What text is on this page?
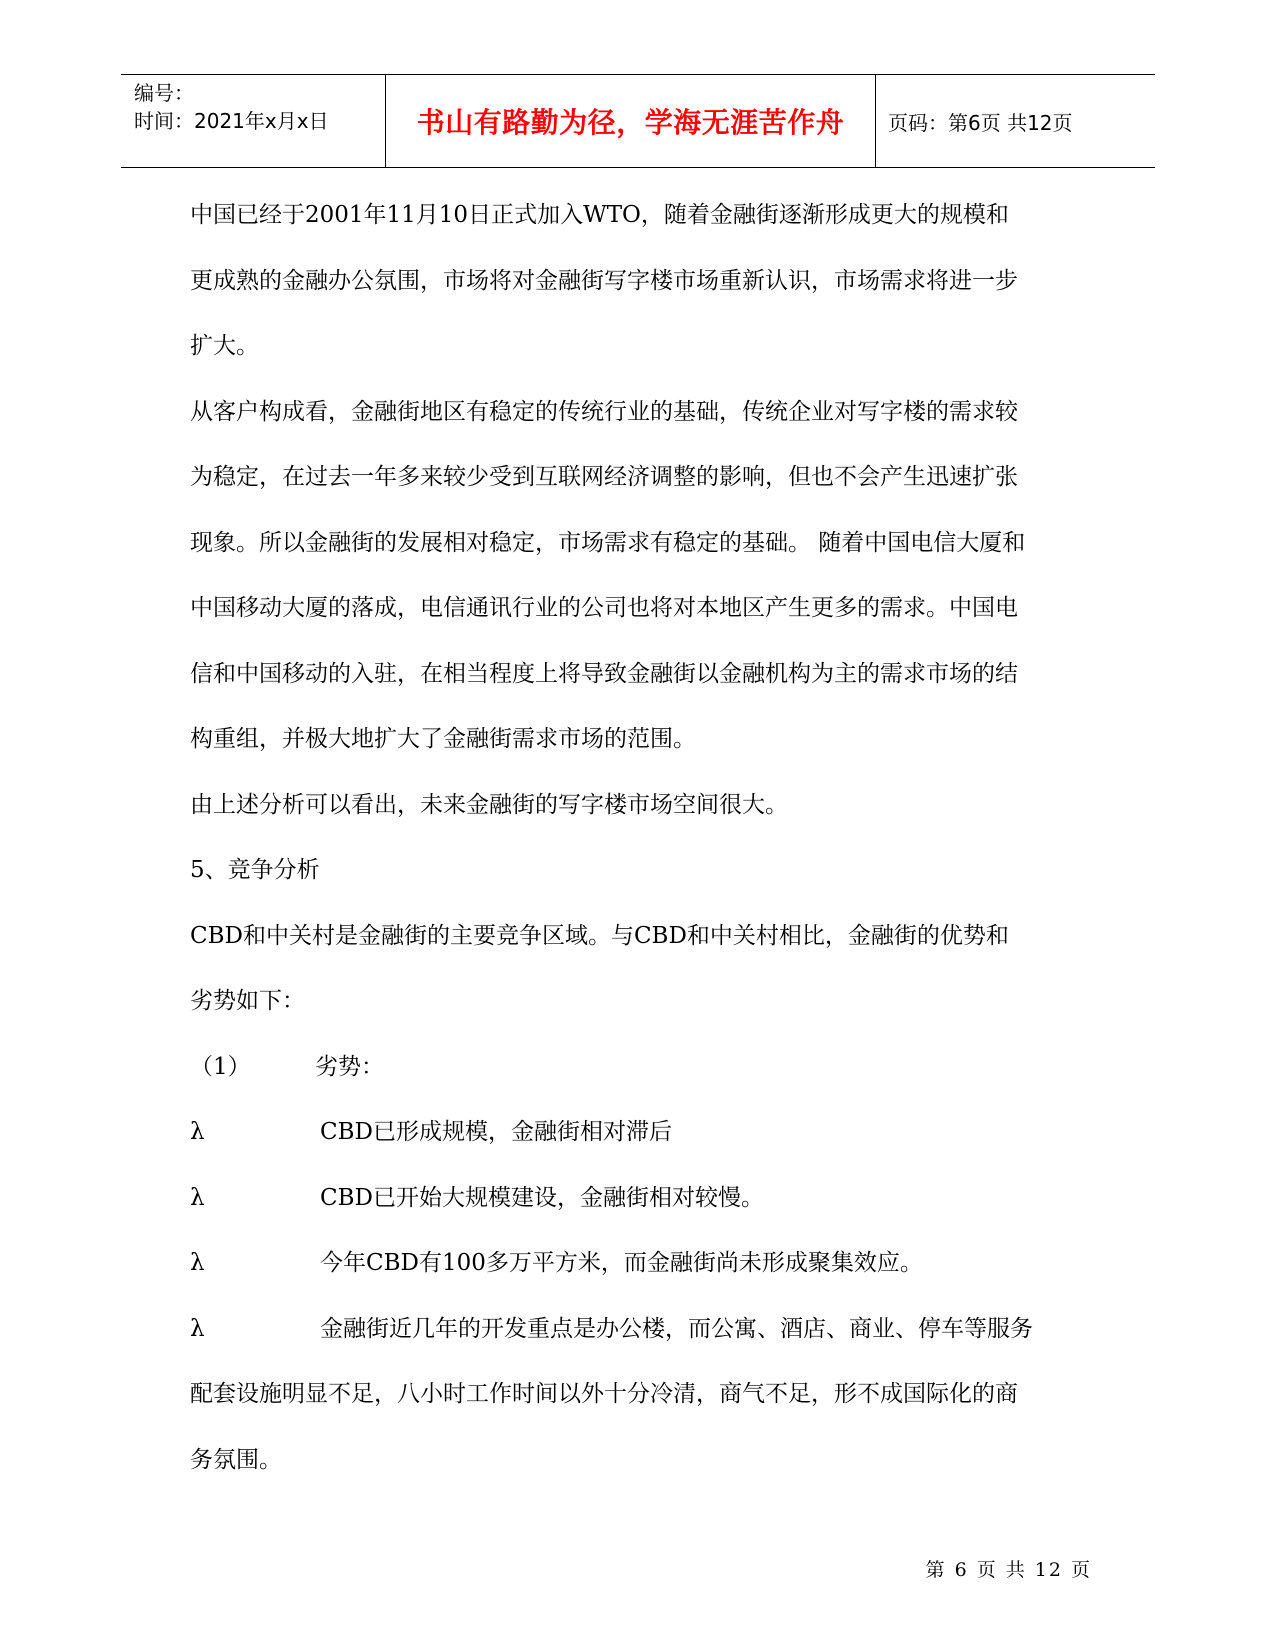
编号：
时间：2021年x月x日	书山有路勤为径，学海无涯苦作舟	页码：第6页 共12页

中国已经于2001年11月10日正式加入WTO，随着金融街逐渐形成更大的规模和

更成熟的金融办公氛围，市场将对金融街写字楼市场重新认识，市场需求将进一步

扩大。

从客户构成看，金融街地区有稳定的传统行业的基础，传统企业对写字楼的需求较

为稳定，在过去一年多来较少受到互联网经济调整的影响，但也不会产生迅速扩张

现象。所以金融街的发展相对稳定，市场需求有稳定的基础。 随着中国电信大厦和

中国移动大厦的落成，电信通讯行业的公司也将对本地区产生更多的需求。中国电

信和中国移动的入驻，在相当程度上将导致金融街以金融机构为主的需求市场的结

构重组，并极大地扩大了金融街需求市场的范围。

由上述分析可以看出，未来金融街的写字楼市场空间很大。

5、竞争分析

CBD和中关村是金融街的主要竞争区域。与CBD和中关村相比，金融街的优势和

劣势如下：

（1）	劣势：
λ	CBD已形成规模，金融街相对滞后
λ	CBD已开始大规模建设，金融街相对较慢。
λ	今年CBD有100多万平方米，而金融街尚未形成聚集效应。
λ	金融街近几年的开发重点是办公楼，而公寓、酒店、商业、停车等服务

配套设施明显不足，八小时工作时间以外十分冷清，商气不足，形不成国际化的商

务氛围。

第 6 页 共 12 页
